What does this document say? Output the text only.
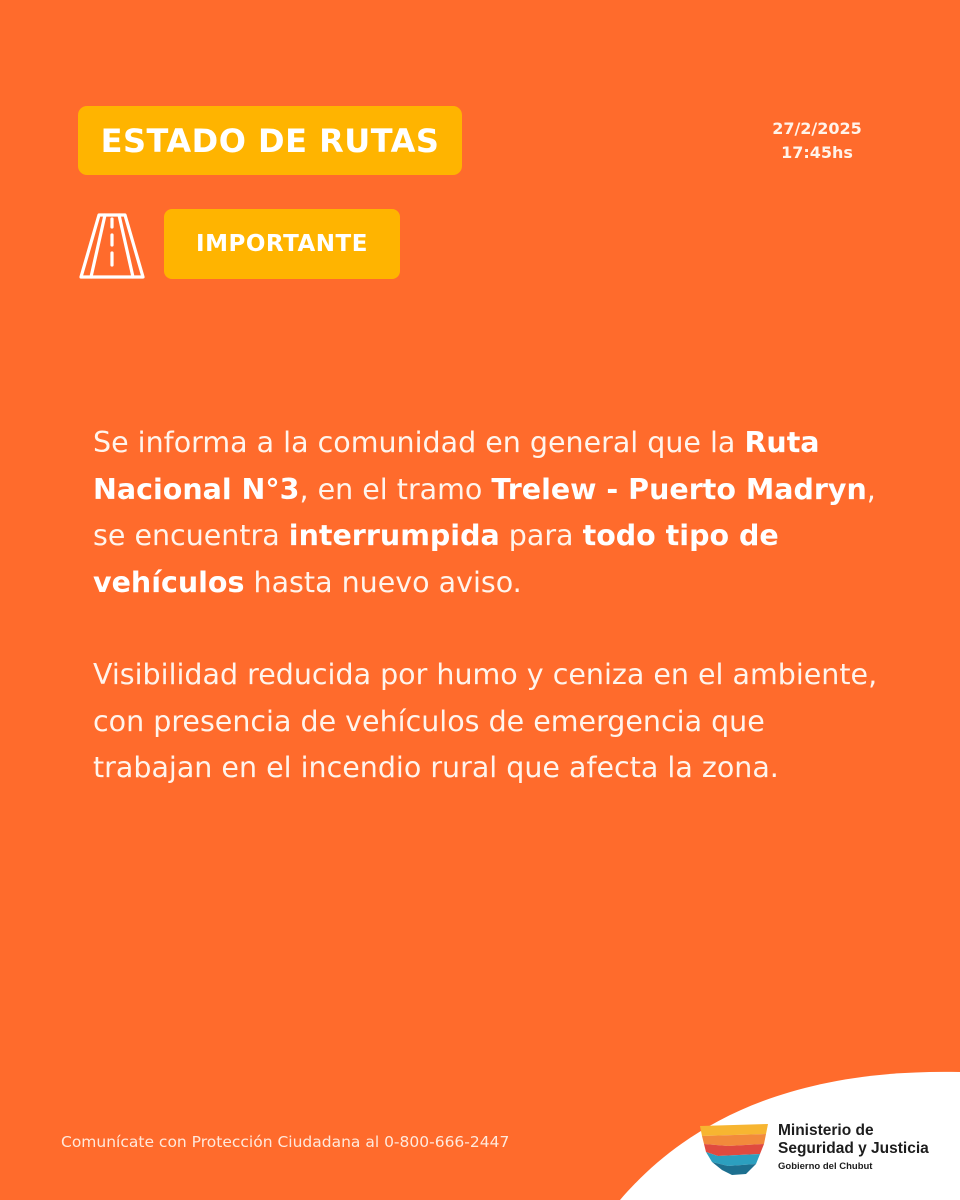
ESTADO DE RUTAS	27/2/2025
17:45hs
IMPORTANTE

Se informa a la comunidad en general que la Ruta Nacional N°3, en el tramo Trelew - Puerto Madryn, se encuentra interrumpida para todo tipo de vehículos hasta nuevo aviso.

Visibilidad reducida por humo y ceniza en el ambiente, con presencia de vehículos de emergencia que trabajan en el incendio rural que afecta la zona.

Comunícate con Protección Ciudadana al 0-800-666-2447
Ministerio de
Seguridad y Justicia
Gobierno del Chubut
